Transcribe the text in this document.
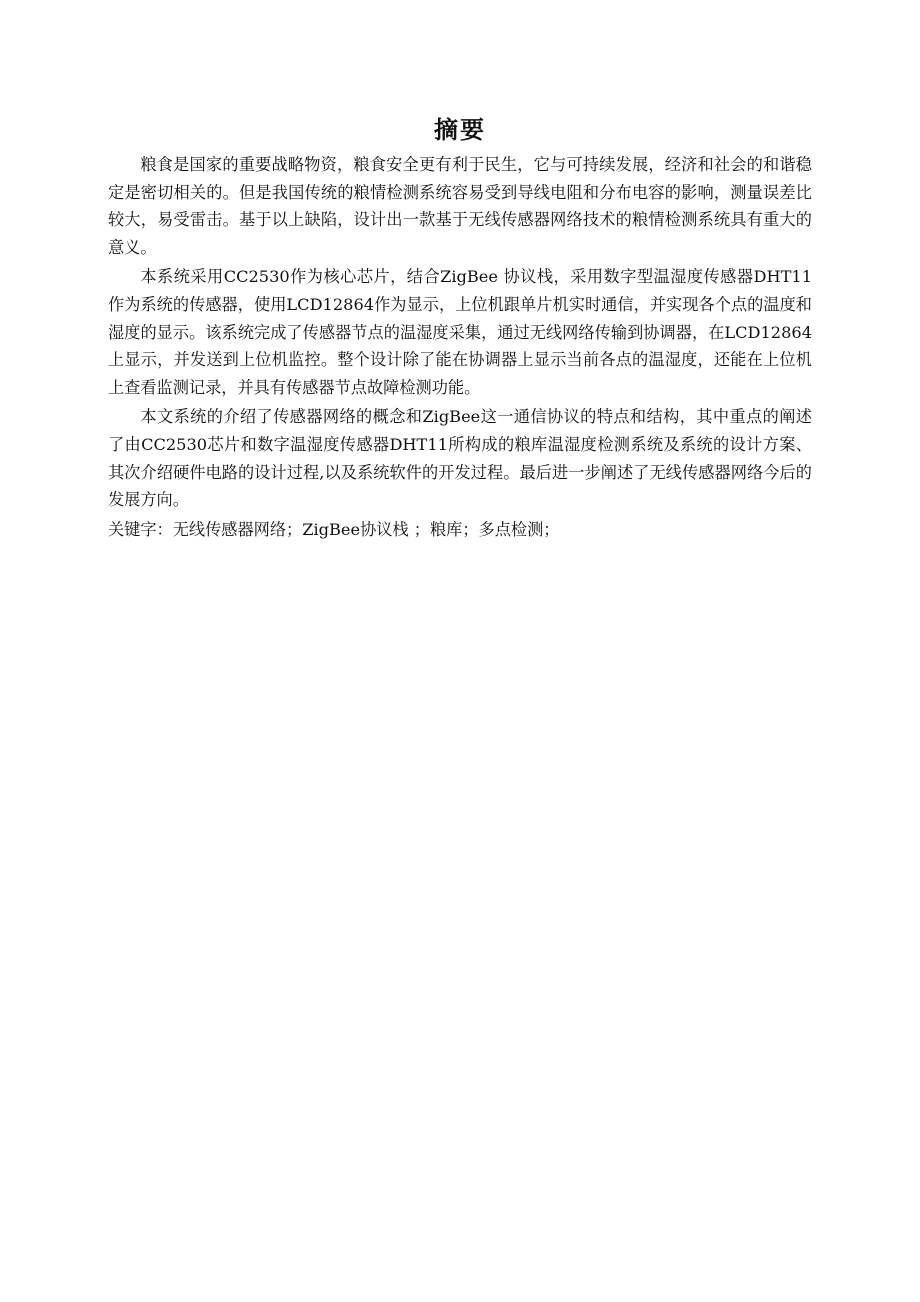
摘要

粮食是国家的重要战略物资，粮食安全更有利于民生，它与可持续发展，经济和社会的和谐稳定是密切相关的。但是我国传统的粮情检测系统容易受到导线电阻和分布电容的影响，测量误差比较大，易受雷击。基于以上缺陷，设计出一款基于无线传感器网络技术的粮情检测系统具有重大的意义。

本系统采用CC2530作为核心芯片，结合ZigBee 协议栈，采用数字型温湿度传感器DHT11作为系统的传感器，使用LCD12864作为显示，上位机跟单片机实时通信，并实现各个点的温度和湿度的显示。该系统完成了传感器节点的温湿度采集，通过无线网络传输到协调器，在LCD12864上显示，并发送到上位机监控。整个设计除了能在协调器上显示当前各点的温湿度，还能在上位机上查看监测记录，并具有传感器节点故障检测功能。

本文系统的介绍了传感器网络的概念和ZigBee这一通信协议的特点和结构，其中重点的阐述了由CC2530芯片和数字温湿度传感器DHT11所构成的粮库温湿度检测系统及系统的设计方案、其次介绍硬件电路的设计过程,以及系统软件的开发过程。最后进一步阐述了无线传感器网络今后的发展方向。

关键字：无线传感器网络；ZigBee协议栈 ；粮库；多点检测；
